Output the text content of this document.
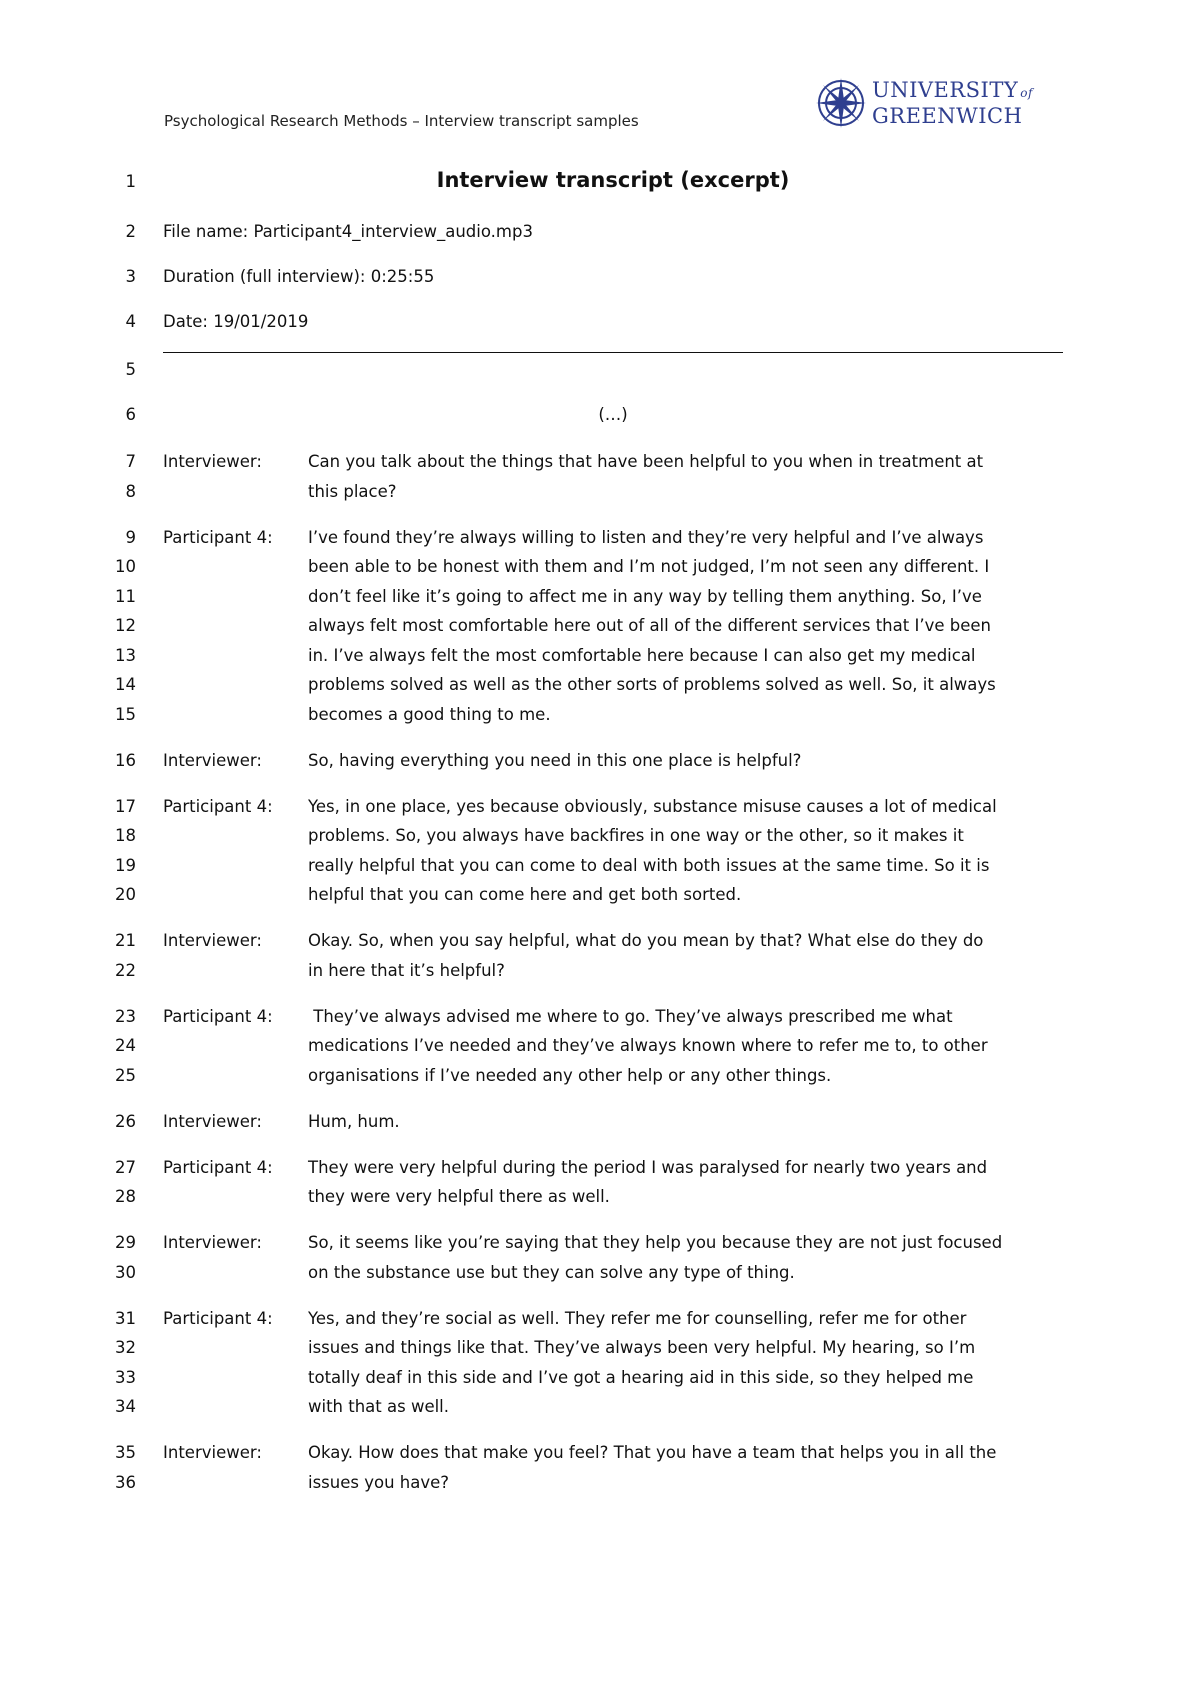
Psychological Research Methods – Interview transcript samples
UNIVERSITY of
GREENWICH
1	Interview transcript (excerpt)
2 File name: Participant4_interview_audio.mp3
3 Duration (full interview): 0:25:55
4 Date: 19/01/2019
5
6	(…)
Interviewer:	Can you talk about the things that have been helpful to you when in treatment at
this place?
7
8
Participant 4: I’ve found they’re always willing to listen and they’re very helpful and I’ve always
been able to be honest with them and I’m not judged, I’m not seen any different. I
don’t feel like it’s going to affect me in any way by telling them anything. So, I’ve
always felt most comfortable here out of all of the different services that I’ve been
in. I’ve always felt the most comfortable here because I can also get my medical
problems solved as well as the other sorts of problems solved as well. So, it always
becomes a good thing to me.
9
10
11
12
13
14
15
Interviewer:	So, having everything you need in this one place is helpful?
16
Participant 4: Yes, in one place, yes because obviously, substance misuse causes a lot of medical
problems. So, you always have backfires in one way or the other, so it makes it
really helpful that you can come to deal with both issues at the same time. So it is
helpful that you can come here and get both sorted.
17
18
19
20
Interviewer:	Okay. So, when you say helpful, what do you mean by that? What else do they do
in here that it’s helpful?
21
22
Participant 4: They’ve always advised me where to go. They’ve always prescribed me what
medications I’ve needed and they’ve always known where to refer me to, to other
organisations if I’ve needed any other help or any other things.
23
24
25
Interviewer:	Hum, hum.
26
Participant 4: They were very helpful during the period I was paralysed for nearly two years and
they were very helpful there as well.
27
28
Interviewer:	So, it seems like you’re saying that they help you because they are not just focused
on the substance use but they can solve any type of thing.
29
30
Participant 4: Yes, and they’re social as well. They refer me for counselling, refer me for other
issues and things like that. They’ve always been very helpful. My hearing, so I’m
totally deaf in this side and I’ve got a hearing aid in this side, so they helped me
with that as well.
31
32
33
34
Interviewer:	Okay. How does that make you feel? That you have a team that helps you in all the
issues you have?
35
36
